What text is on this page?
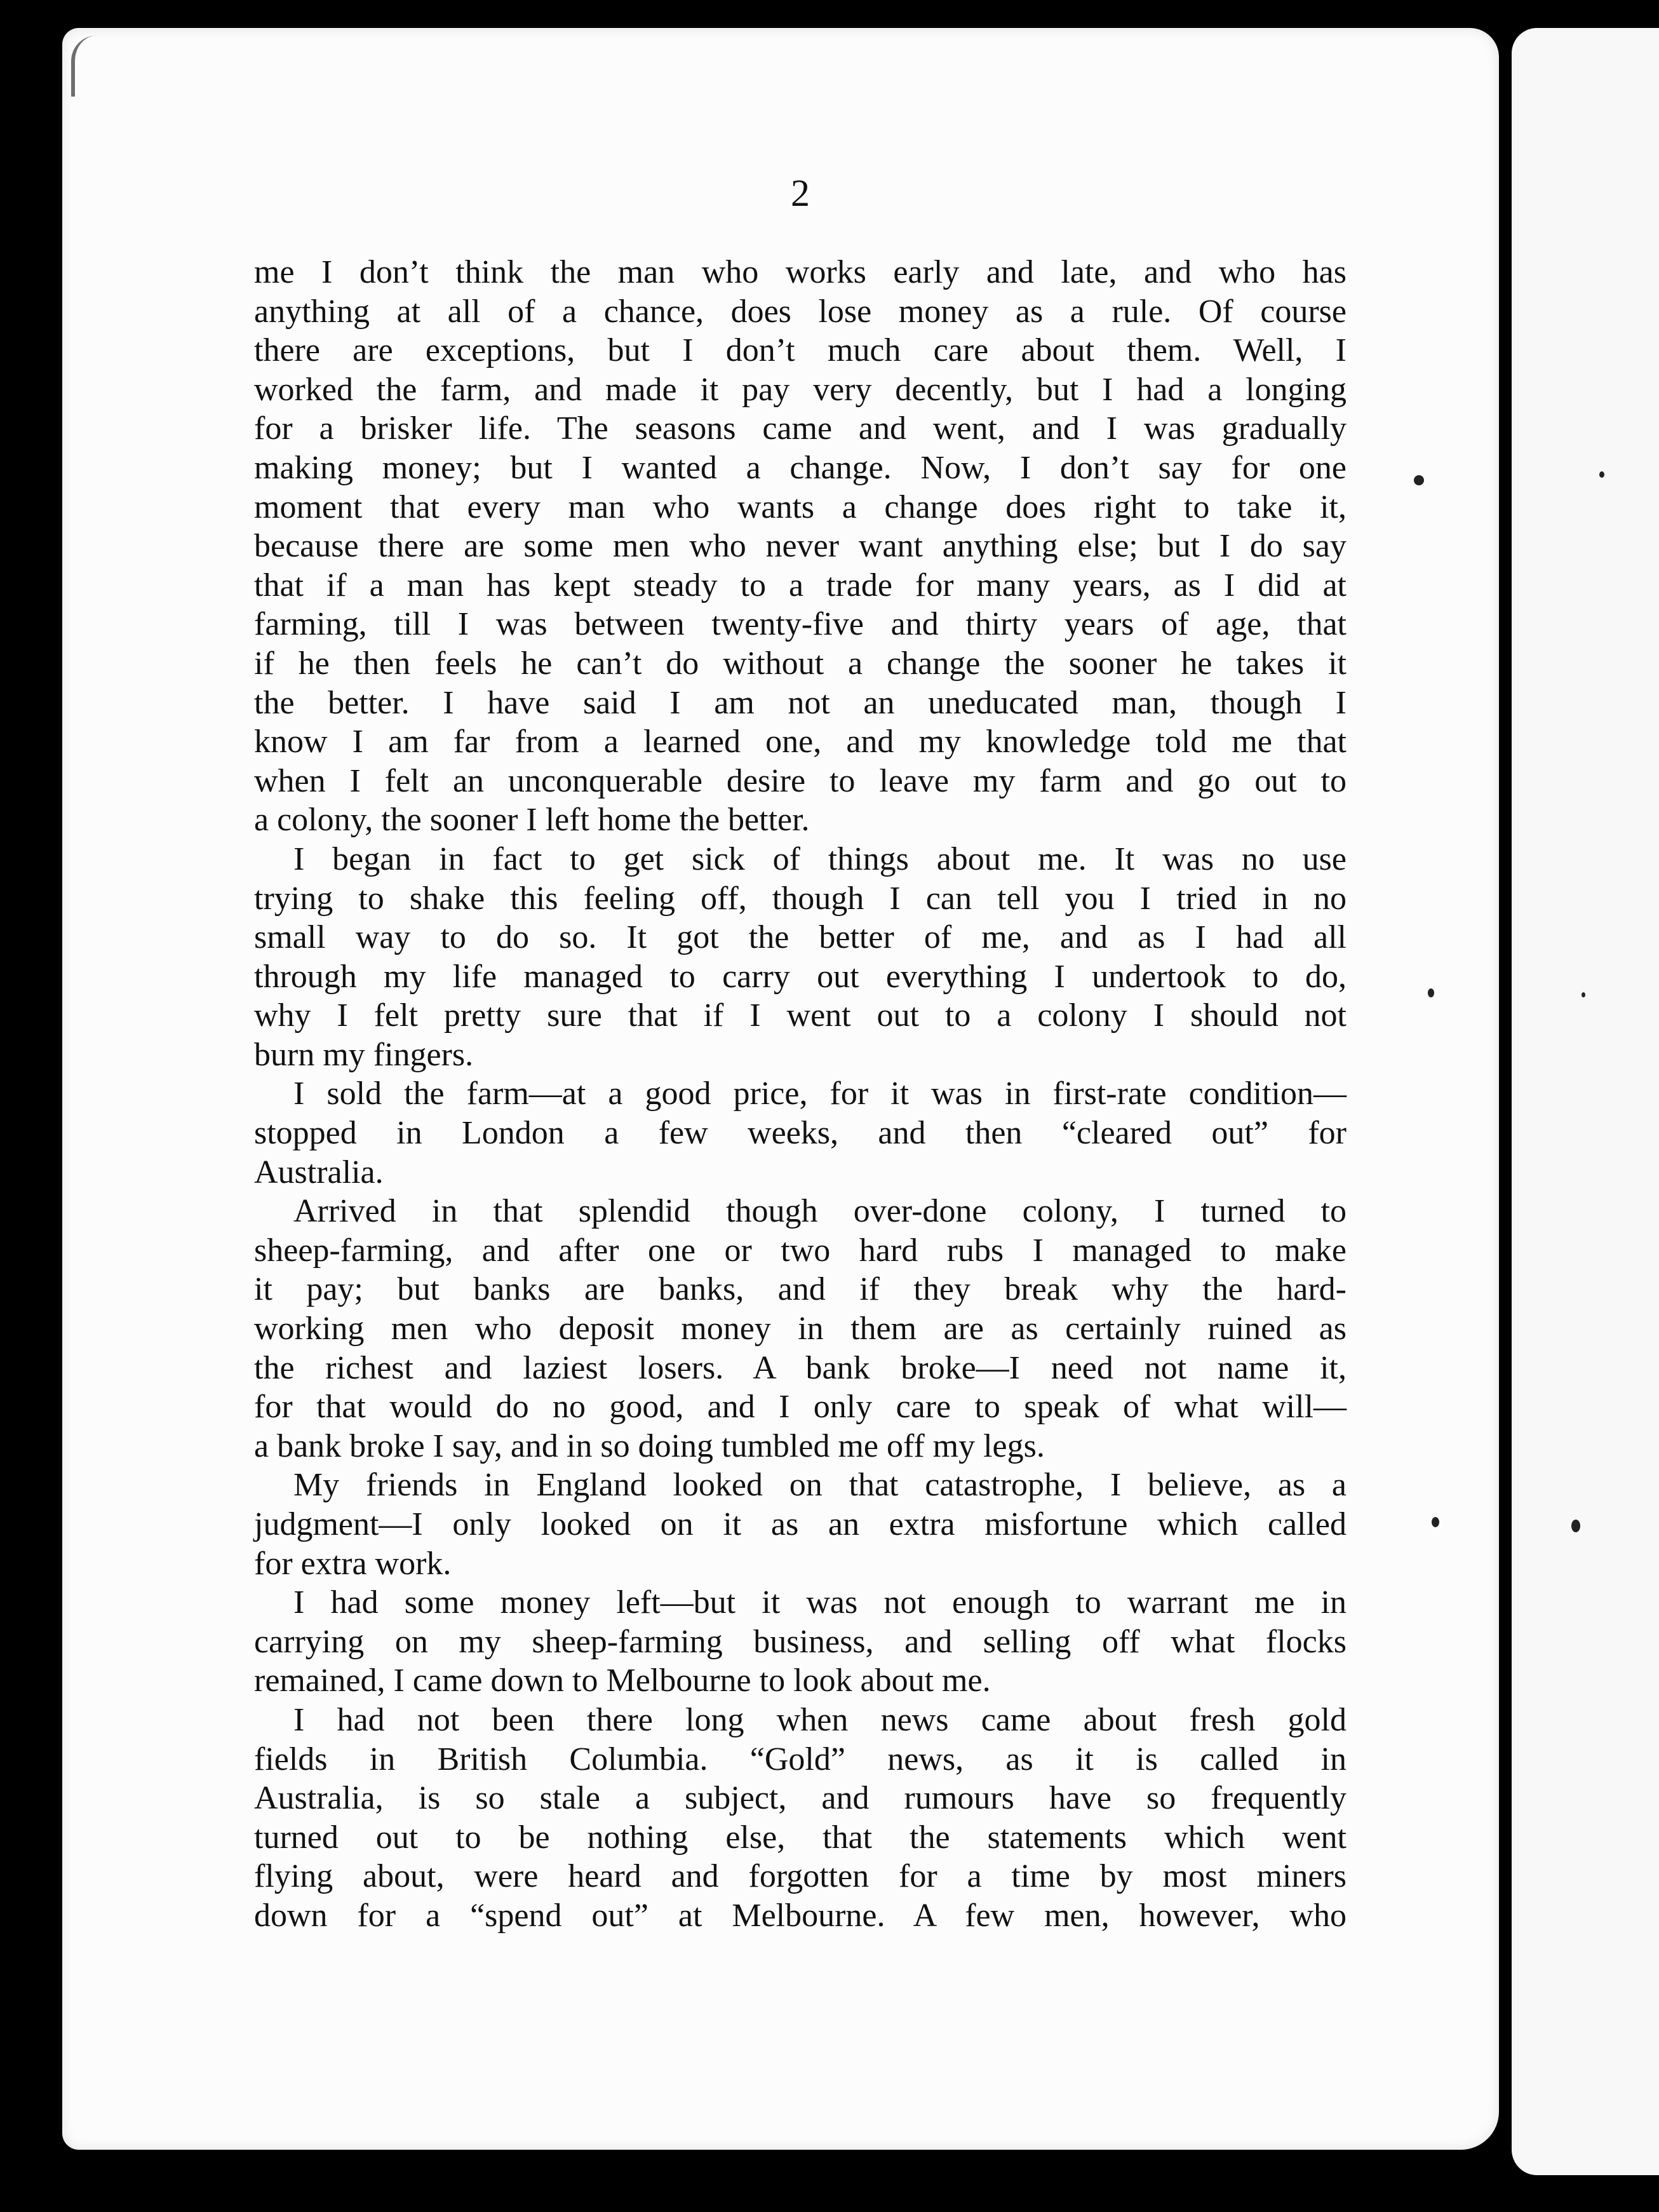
2
me I don’t think the man who works early and late, and who has
anything at all of a chance, does lose money as a rule. Of course
there are exceptions, but I don’t much care about them. Well, I
worked the farm, and made it pay very decently, but I had a longing
for a brisker life. The seasons came and went, and I was gradually
making money; but I wanted a change. Now, I don’t say for one
moment that every man who wants a change does right to take it,
because there are some men who never want anything else; but I do say
that if a man has kept steady to a trade for many years, as I did at
farming, till I was between twenty-five and thirty years of age, that
if he then feels he can’t do without a change the sooner he takes it
the better. I have said I am not an uneducated man, though I
know I am far from a learned one, and my knowledge told me that
when I felt an unconquerable desire to leave my farm and go out to
a colony, the sooner I left home the better.
I began in fact to get sick of things about me. It was no use
trying to shake this feeling off, though I can tell you I tried in no
small way to do so. It got the better of me, and as I had all
through my life managed to carry out everything I undertook to do,
why I felt pretty sure that if I went out to a colony I should not
burn my fingers.
I sold the farm—at a good price, for it was in first-rate condition—
stopped in London a few weeks, and then “cleared out” for
Australia.
Arrived in that splendid though over-done colony, I turned to
sheep-farming, and after one or two hard rubs I managed to make
it pay; but banks are banks, and if they break why the hard-
working men who deposit money in them are as certainly ruined as
the richest and laziest losers. A bank broke—I need not name it,
for that would do no good, and I only care to speak of what will—
a bank broke I say, and in so doing tumbled me off my legs.
My friends in England looked on that catastrophe, I believe, as a
judgment—I only looked on it as an extra misfortune which called
for extra work.
I had some money left—but it was not enough to warrant me in
carrying on my sheep-farming business, and selling off what flocks
remained, I came down to Melbourne to look about me.
I had not been there long when news came about fresh gold
fields in British Columbia. “Gold” news, as it is called in
Australia, is so stale a subject, and rumours have so frequently
turned out to be nothing else, that the statements which went
flying about, were heard and forgotten for a time by most miners
down for a “spend out” at Melbourne. A few men, however, who
